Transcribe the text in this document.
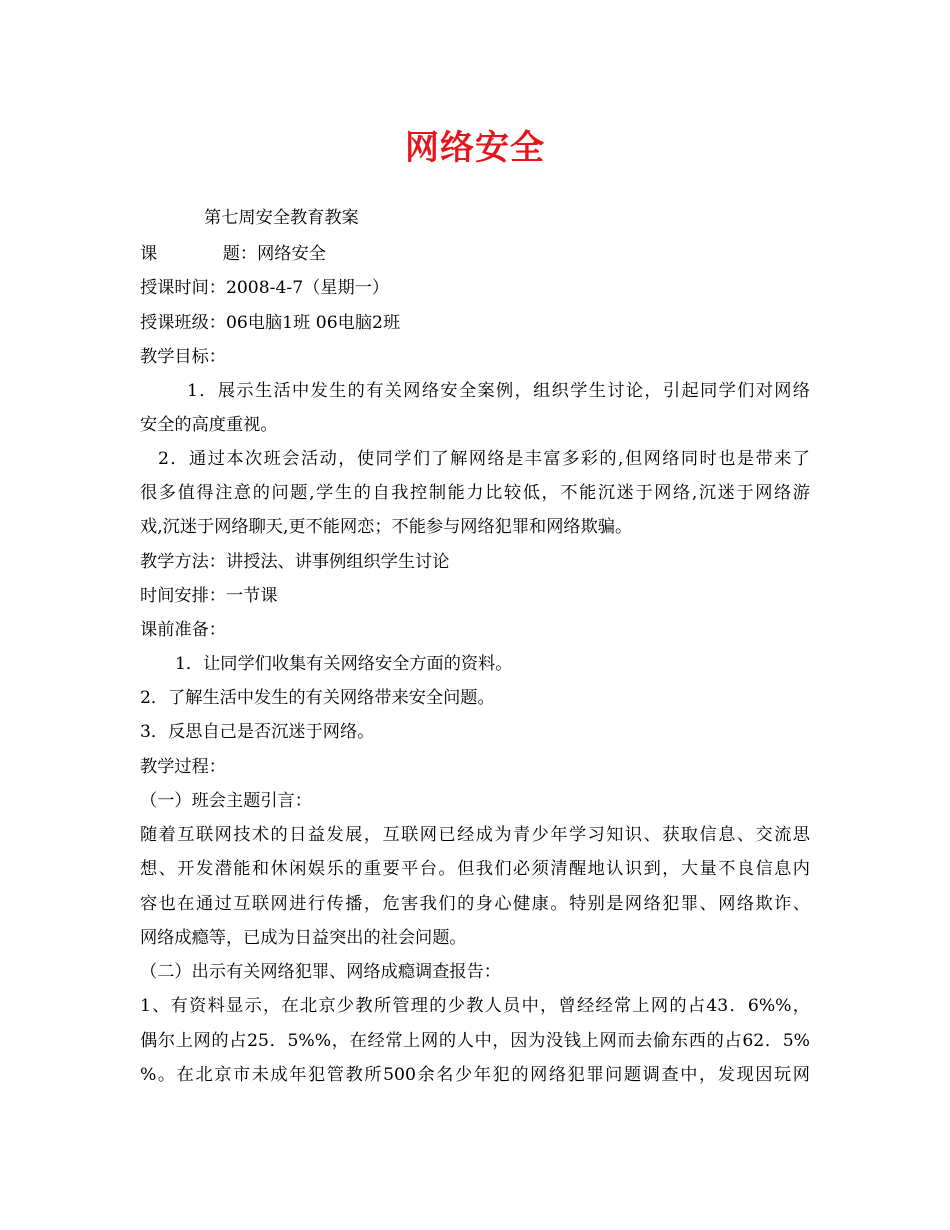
网络安全
第七周安全教育教案
课            题：网络安全
授课时间：2008-4-7（星期一）
授课班级：06电脑1班 06电脑2班
教学目标：
1．展示生活中发生的有关网络安全案例，组织学生讨论，引起同学们对网络
安全的高度重视。
2．通过本次班会活动，使同学们了解网络是丰富多彩的,但网络同时也是带来了
很多值得注意的问题,学生的自我控制能力比较低，不能沉迷于网络,沉迷于网络游
戏,沉迷于网络聊天,更不能网恋；不能参与网络犯罪和网络欺骗。
教学方法：讲授法、讲事例组织学生讨论
时间安排：一节课
课前准备：
1．让同学们收集有关网络安全方面的资料。
2．了解生活中发生的有关网络带来安全问题。
3．反思自己是否沉迷于网络。
教学过程：
（一）班会主题引言：
随着互联网技术的日益发展，互联网已经成为青少年学习知识、获取信息、交流思
想、开发潜能和休闲娱乐的重要平台。但我们必须清醒地认识到，大量不良信息内
容也在通过互联网进行传播，危害我们的身心健康。特别是网络犯罪、网络欺诈、
网络成瘾等，已成为日益突出的社会问题。
（二）出示有关网络犯罪、网络成瘾调查报告：
1、有资料显示，在北京少教所管理的少教人员中，曾经经常上网的占43．6%%，
偶尔上网的占25．5%%，在经常上网的人中，因为没钱上网而去偷东西的占62．5%
%。在北京市未成年犯管教所500余名少年犯的网络犯罪问题调查中，发现因玩网
